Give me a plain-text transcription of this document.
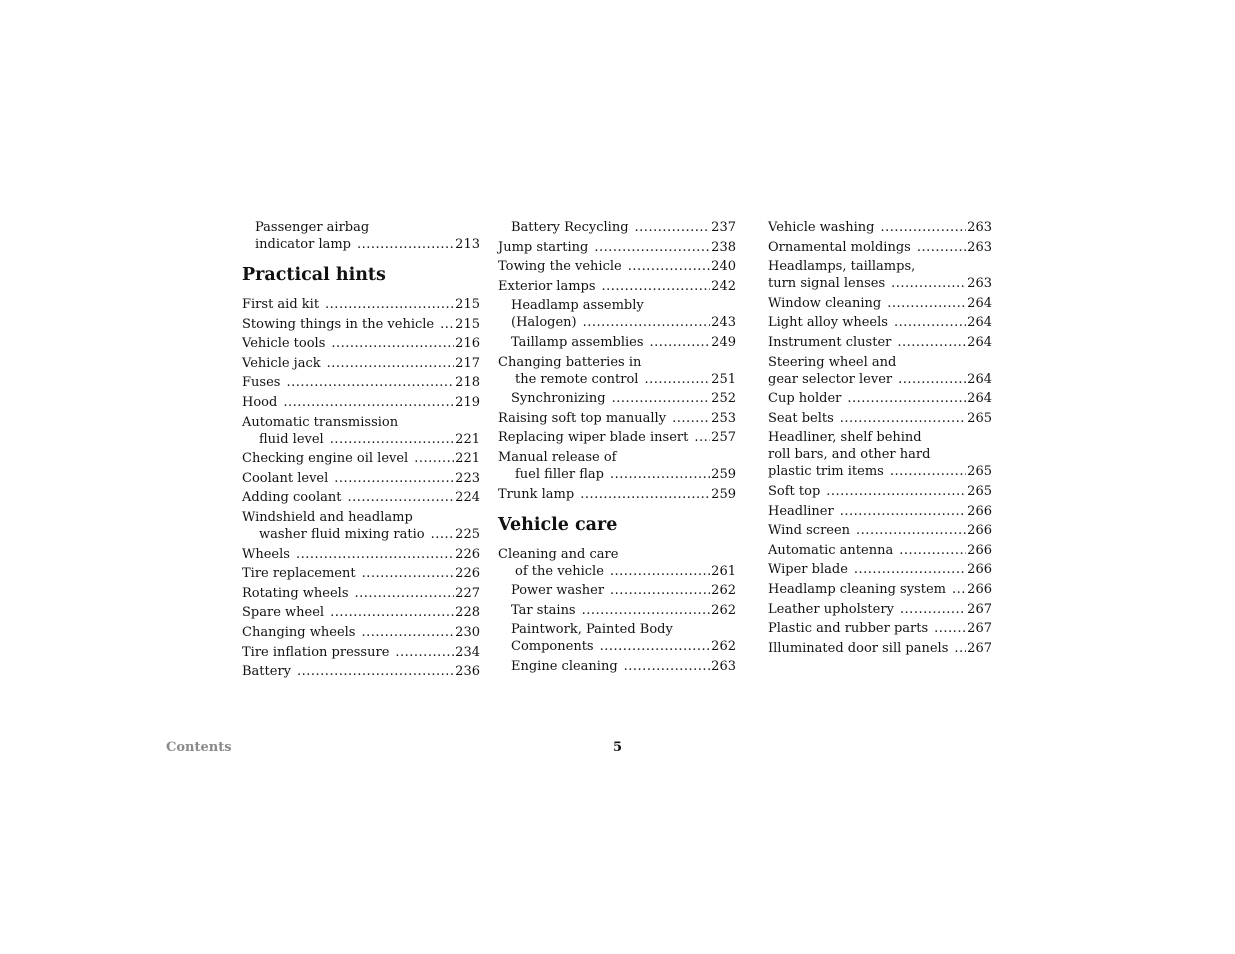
Passenger airbag
indicator lamp .....	213
Practical hints
First aid kit .....	215
Stowing things in the vehicle ..... 215
Vehicle tools .....	216
Vehicle jack .....	217
Fuses .....	218
Hood .....	219
Automatic transmission
fluid level .....	221
Checking engine oil level .....	221
Coolant level .....	223
Adding coolant .....	224
Windshield and headlamp
washer fluid mixing ratio ..... 225
Wheels .....	226
Tire replacement .....	226
Rotating wheels .....	227
Spare wheel .....	228
Changing wheels .....	230
Tire inflation pressure .....	234
Battery .....	236
Battery Recycling .....	237
Jump starting .....	238
Towing the vehicle .....	240
Exterior lamps .....	242
Headlamp assembly
(Halogen) .....	243
Taillamp assemblies .....	249
Changing batteries in
the remote control .....	251
Synchronizing .....	252
Raising soft top manually .....	253
Replacing wiper blade insert ..... 257
Manual release of
fuel filler flap .....	259
Trunk lamp .....	259
Vehicle care
Cleaning and care
of the vehicle .....	261
Power washer .....	262
Tar stains .....	262
Paintwork, Painted Body
Components .....	262
Engine cleaning .....	263
Vehicle washing .....	263
Ornamental moldings .....	263
Headlamps, taillamps,
turn signal lenses .....	263
Window cleaning .....	264
Light alloy wheels .....	264
Instrument cluster .....	264
Steering wheel and
gear selector lever .....	264
Cup holder .....	264
Seat belts .....	265
Headliner, shelf behind
roll bars, and other hard
plastic trim items .....	265
Soft top .....	265
Headliner .....	266
Wind screen .....	266
Automatic antenna .....	266
Wiper blade .....	266
Headlamp cleaning system ..... 266
Leather upholstery .....	267
Plastic and rubber parts .....	267
Illuminated door sill panels ..... 267
Contents	5
